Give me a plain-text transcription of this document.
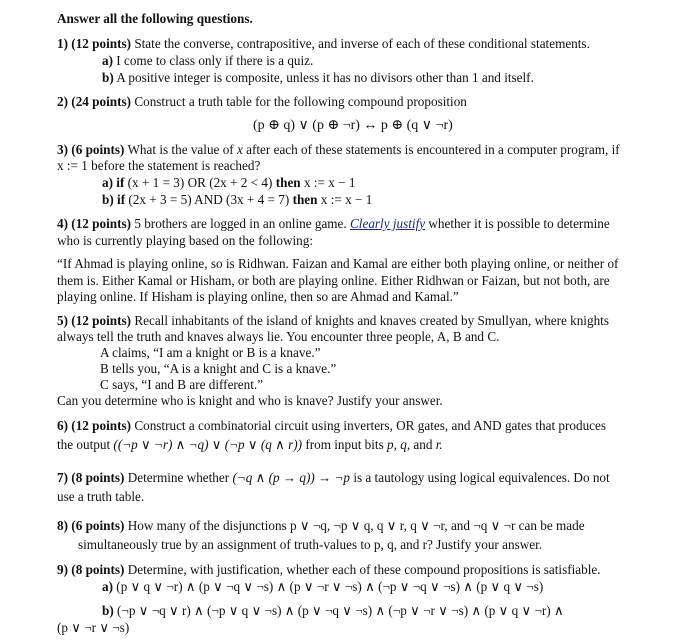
Answer all the following questions.
1) (12 points) State the converse, contrapositive, and inverse of each of these conditional statements.
a) I come to class only if there is a quiz.
b) A positive integer is composite, unless it has no divisors other than 1 and itself.
2) (24 points) Construct a truth table for the following compound proposition
(p ⊕ q) ∨ (p ⊕ ¬r) ↔ p ⊕ (q ∨ ¬r)
3) (6 points) What is the value of x after each of these statements is encountered in a computer program, if
x := 1 before the statement is reached?
a) if (x + 1 = 3) OR (2x + 2 < 4) then x := x − 1
b) if (2x + 3 = 5) AND (3x + 4 = 7) then x := x − 1
4) (12 points) 5 brothers are logged in an online game. Clearly justify whether it is possible to determine
who is currently playing based on the following:
“If Ahmad is playing online, so is Ridhwan. Faizan and Kamal are either both playing online, or neither of
them is. Either Kamal or Hisham, or both are playing online. Either Ridhwan or Faizan, but not both, are
playing online. If Hisham is playing online, then so are Ahmad and Kamal.”
5) (12 points) Recall inhabitants of the island of knights and knaves created by Smullyan, where knights
always tell the truth and knaves always lie. You encounter three people, A, B and C.
A claims, “I am a knight or B is a knave.”
B tells you, “A is a knight and C is a knave.”
C says, “I and B are different.”
Can you determine who is knight and who is knave? Justify your answer.
6) (12 points) Construct a combinatorial circuit using inverters, OR gates, and AND gates that produces
the output ((¬p ∨ ¬r) ∧ ¬q) ∨ (¬p ∨ (q ∧ r)) from input bits p, q, and r.
7) (8 points) Determine whether (¬q ∧ (p → q)) → ¬p is a tautology using logical equivalences. Do not
use a truth table.
8) (6 points) How many of the disjunctions p ∨ ¬q, ¬p ∨ q, q ∨ r, q ∨ ¬r, and ¬q ∨ ¬r can be made
simultaneously true by an assignment of truth-values to p, q, and r? Justify your answer.
9) (8 points) Determine, with justification, whether each of these compound propositions is satisfiable.
a) (p ∨ q ∨ ¬r) ∧ (p ∨ ¬q ∨ ¬s) ∧ (p ∨ ¬r ∨ ¬s) ∧ (¬p ∨ ¬q ∨ ¬s) ∧ (p ∨ q ∨ ¬s)
b) (¬p ∨ ¬q ∨ r) ∧ (¬p ∨ q ∨ ¬s) ∧ (p ∨ ¬q ∨ ¬s) ∧ (¬p ∨ ¬r ∨ ¬s) ∧ (p ∨ q ∨ ¬r) ∧
(p ∨ ¬r ∨ ¬s)
